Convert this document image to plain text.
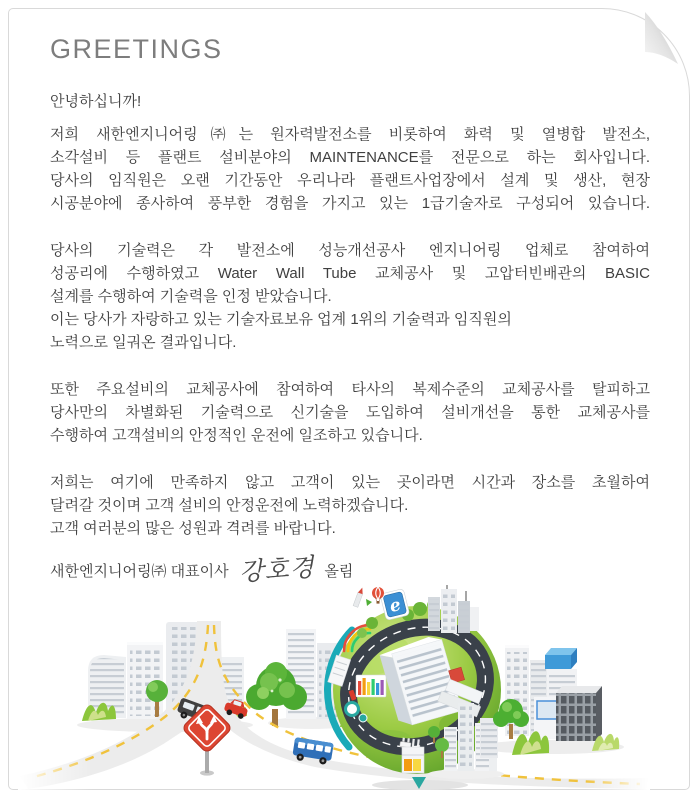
GREETINGS
안녕하십니까!
저희 새한엔지니어링㈜는 원자력발전소를 비롯하여 화력 및 열병합 발전소,
소각설비 등 플랜트 설비분야의 MAINTENANCE를 전문으로 하는 회사입니다.
당사의 임직원은 오랜 기간동안 우리나라 플랜트사업장에서 설계 및 생산, 현장
시공분야에 종사하여 풍부한 경험을 가지고 있는 1급기술자로 구성되어 있습니다.
당사의 기술력은 각 발전소에 성능개선공사 엔지니어링 업체로 참여하여
성공리에 수행하였고 Water Wall Tube 교체공사 및 고압터빈배관의 BASIC
설계를 수행하여 기술력을 인정 받았습니다.
이는 당사가 자랑하고 있는 기술자료보유 업계 1위의 기술력과 임직원의
노력으로 일궈온 결과입니다.
또한 주요설비의 교체공사에 참여하여 타사의 복제수준의 교체공사를 탈피하고
당사만의 차별화된 기술력으로 신기술을 도입하여 설비개선을 통한 교체공사를
수행하여 고객설비의 안정적인 운전에 일조하고 있습니다.
저희는 여기에 만족하지 않고 고객이 있는 곳이라면 시간과 장소를 초월하여
달려갈 것이며 고객 설비의 안정운전에 노력하겠습니다.
고객 여러분의 많은 성원과 격려를 바랍니다.
새한엔지니어링㈜ 대표이사 강호경 올림
e
